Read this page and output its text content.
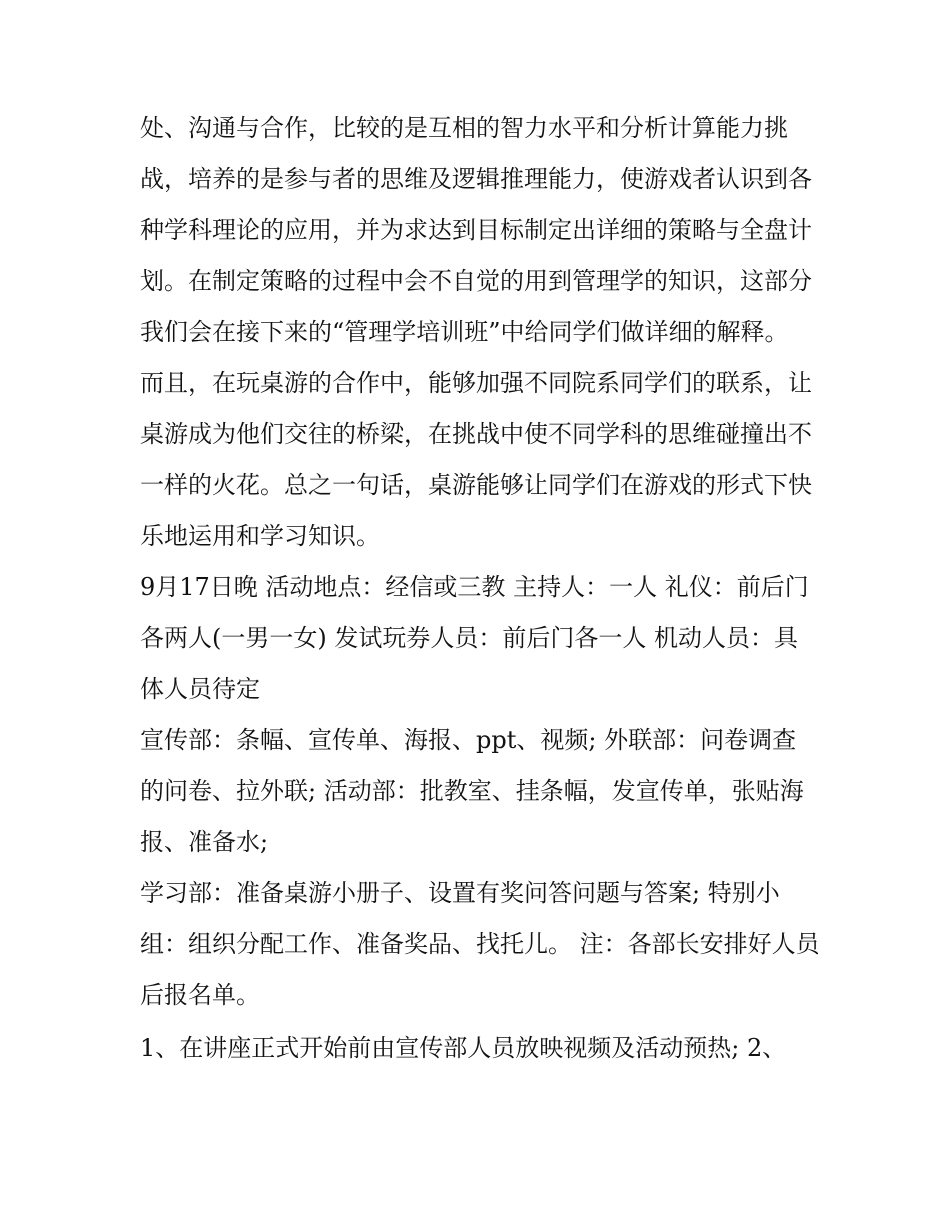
处、沟通与合作，比较的是互相的智力水平和分析计算能力挑战，培养的是参与者的思维及逻辑推理能力，使游戏者认识到各种学科理论的应用，并为求达到目标制定出详细的策略与全盘计划。在制定策略的过程中会不自觉的用到管理学的知识，这部分我们会在接下来的“管理学培训班”中给同学们做详细的解释。

而且，在玩桌游的合作中，能够加强不同院系同学们的联系，让桌游成为他们交往的桥梁，在挑战中使不同学科的思维碰撞出不一样的火花。总之一句话，桌游能够让同学们在游戏的形式下快乐地运用和学习知识。

9月17日晚 活动地点：经信或三教 主持人：一人 礼仪：前后门各两人(一男一女) 发试玩券人员：前后门各一人 机动人员：具体人员待定

宣传部：条幅、宣传单、海报、ppt、视频; 外联部：问卷调查的问卷、拉外联; 活动部：批教室、挂条幅，发宣传单，张贴海报、准备水;

学习部：准备桌游小册子、设置有奖问答问题与答案; 特别小组：组织分配工作、准备奖品、找托儿。 注：各部长安排好人员后报名单。

1、在讲座正式开始前由宣传部人员放映视频及活动预热; 2、
